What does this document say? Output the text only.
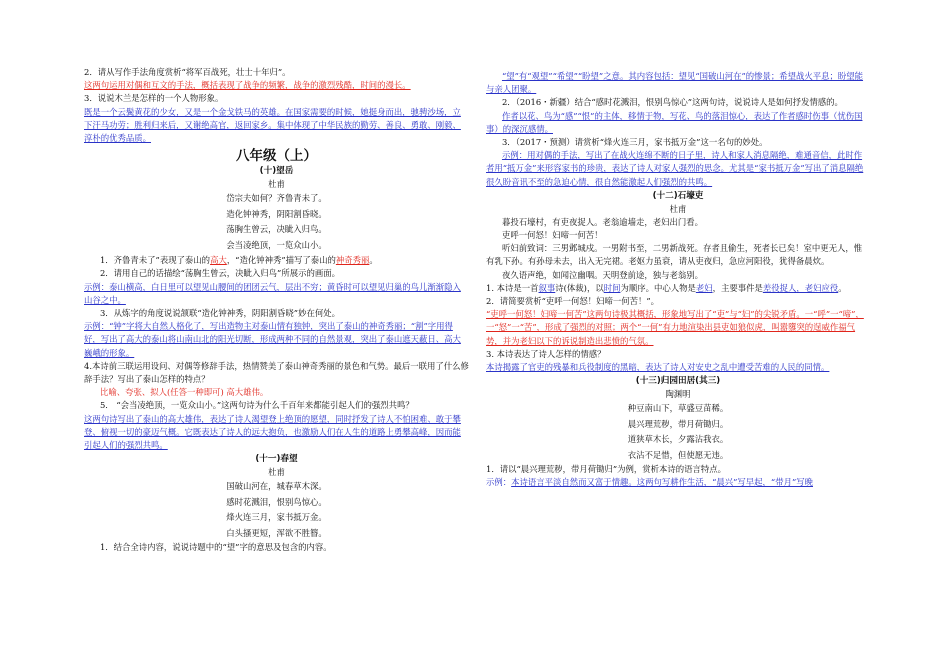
2．请从写作手法角度赏析“将军百战死，壮士十年归”。

这两句运用对偶和互文的手法，概括表现了战争的频繁，战争的激烈残酷，时间的漫长。

3．说说木兰是怎样的一个人物形象。

既是一个云鬓黄花的少女，又是一个金戈铁马的英雄。在国家需要的时候，她挺身而出，驰骋沙场，立下汗马功劳；胜利归来后，又谢绝高官，返回家乡。集中体现了中华民族的勤劳、善良、勇敢、刚毅、淳朴的优秀品质。

八年级（上）
(十)望岳
杜甫
岱宗夫如何？齐鲁青未了。
造化钟神秀，阴阳割昏晓。
荡胸生曾云，决眦入归鸟。
会当凌绝顶，一览众山小。

1．齐鲁青未了”表现了泰山的高大，“造化钟神秀”描写了泰山的神奇秀丽。

2．请用自己的话描绘“荡胸生曾云，决眦入归鸟”所展示的画面。

示例：泰山横高，白日里可以望见山腰间的团团云气，层出不穷；黄昏时可以望见归巢的鸟儿渐渐隐入山谷之中。

3．从炼字的角度说说颔联“造化钟神秀，阴阳割昏晓”妙在何处。

示例：“钟”字将大自然人格化了，写出造物主对泰山情有独钟，突出了泰山的神奇秀丽；“割”字用得好，写出了高大的泰山将山南山北的阳光切断，形成两种不同的自然景观，突出了泰山遮天蔽日、高大巍峨的形象。

4.本诗前三联运用设问、对偶等修辞手法，热情赞美了泰山神奇秀丽的景色和气势。最后一联用了什么修辞手法？写出了泰山怎样的特点？

比喻、夸张、拟人(任答一种即可) 高大雄伟。

5． “会当凌绝顶，一览众山小。”这两句诗为什么千百年来都能引起人们的强烈共鸣？

这两句诗写出了泰山的高大雄伟，表达了诗人渴望登上绝顶的愿望，同时抒发了诗人不怕困难、敢于攀登、俯视一切的豪迈气概。它既表达了诗人的远大抱负，也激励人们在人生的道路上勇攀高峰，因而能引起人们的强烈共鸣。

(十一)春望
杜甫
国破山河在，城春草木深。
感时花溅泪，恨别鸟惊心。
烽火连三月，家书抵万金。
白头搔更短，浑欲不胜簪。

1．结合全诗内容，说说诗题中的“望”字的意思及包含的内容。

“望”有“观望”“希望”“盼望”之意。其内容包括：望见“国破山河在”的惨景；希望战火平息；盼望能与亲人团聚。

2．（2016・新疆）结合“感时花溅泪，恨别鸟惊心”这两句诗，说说诗人是如何抒发情感的。

作者以花、鸟为“感”“恨”的主体，移情于物，写花、鸟的落泪惊心，表达了作者感时伤事（忧伤国事）的深沉感情。

3．（2017・预测）请赏析“烽火连三月，家书抵万金”这一名句的妙处。

示例：用对偶的手法，写出了在战火连绵不断的日子里，诗人和家人消息隔绝，难通音信，此时作者用“抵万金”来形容家书的珍贵，表达了诗人对家人强烈的思念。尤其是“家书抵万金”写出了消息隔绝很久盼音讯不至的急迫心情，很自然能激起人们强烈的共鸣。

(十二)石壕吏
杜甫

暮投石壕村，有吏夜捉人。老翁逾墙走，老妇出门看。

吏呼一何怒！妇啼一何苦！

听妇前致词：三男邺城戍。一男附书至，二男新战死。存者且偷生，死者长已矣！室中更无人，惟有乳下孙。有孙母未去，出入无完裙。老妪力虽衰，请从吏夜归，急应河阳役，犹得备晨炊。

夜久语声绝，如闻泣幽咽。天明登前途，独与老翁别。

1. 本诗是一首叙事诗(体裁)，以时间为顺序。中心人物是老妇，主要事件是差役捉人，老妇应役。

2．请简要赏析“吏呼一何怒！妇啼一何苦！”。

“吏呼一何怒！妇啼一何苦”这两句诗极其概括，形象地写出了“吏”与“妇”的尖锐矛盾。一“呼”一“啼”，一“怒”一“苦”，形成了强烈的对照；两个“一何”有力地渲染出县吏如狼似虎，叫嚣隳突的逞威作福气势，并为老妇以下的诉说制造出悲愤的气氛。

3. 本诗表达了诗人怎样的情感？

本诗揭露了官吏的残暴和兵役制度的黑暗，表达了诗人对安史之乱中遭受苦难的人民的同情。

(十三)归园田居(其三)
陶渊明
种豆南山下，草盛豆苗稀。
晨兴理荒秽，带月荷锄归。
道狭草木长，夕露沾我衣。
衣沾不足惜，但使愿无违。

1．请以“晨兴理荒秽，带月荷锄归”为例，赏析本诗的语言特点。

示例：本诗语言平淡自然而又富于情趣。这两句写耕作生活，“晨兴”写早起，“带月”写晚
